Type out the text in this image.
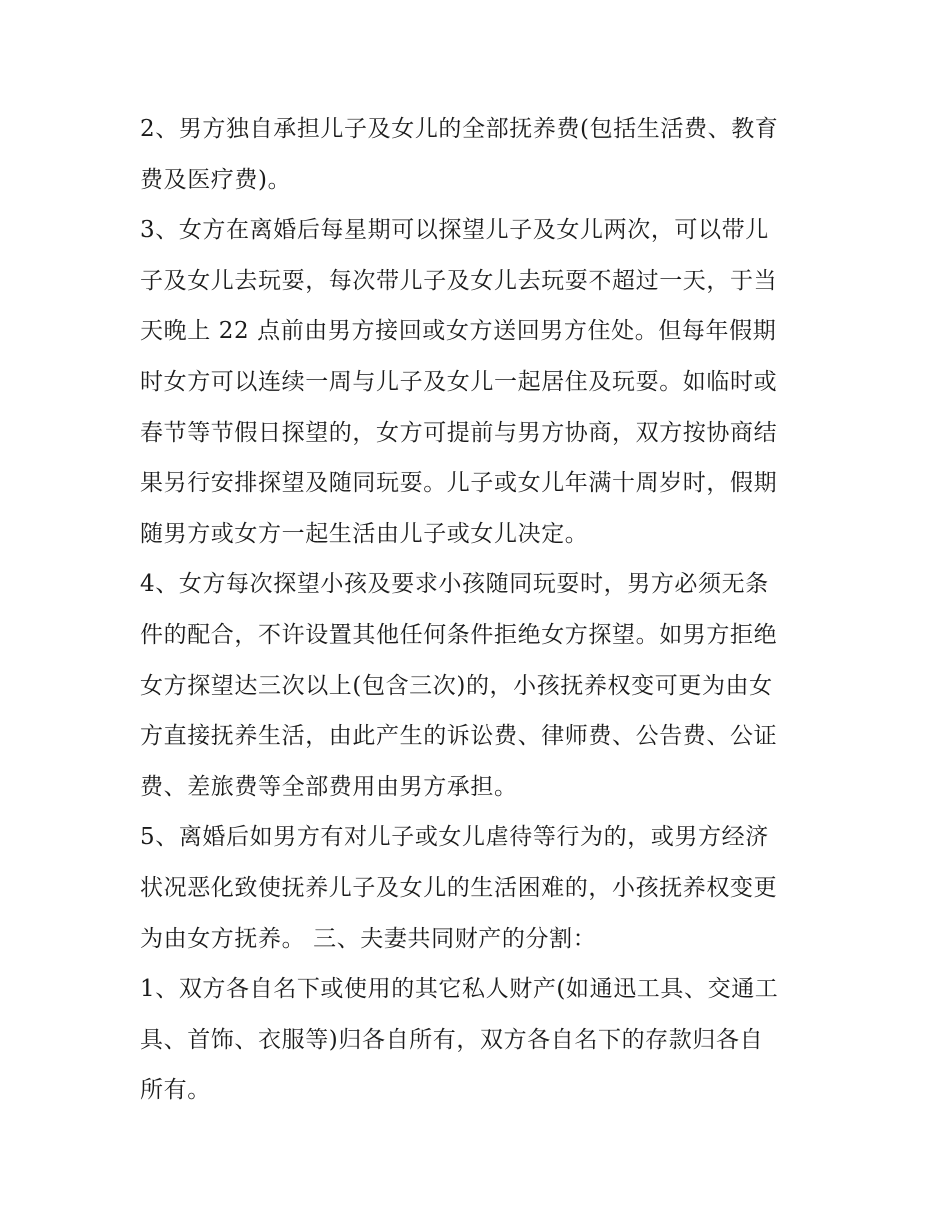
2、男方独自承担儿子及女儿的全部抚养费(包括生活费、教育
费及医疗费)。
3、女方在离婚后每星期可以探望儿子及女儿两次，可以带儿
子及女儿去玩耍，每次带儿子及女儿去玩耍不超过一天，于当
天晚上 22 点前由男方接回或女方送回男方住处。但每年假期
时女方可以连续一周与儿子及女儿一起居住及玩耍。如临时或
春节等节假日探望的，女方可提前与男方协商，双方按协商结
果另行安排探望及随同玩耍。儿子或女儿年满十周岁时，假期
随男方或女方一起生活由儿子或女儿决定。
4、女方每次探望小孩及要求小孩随同玩耍时，男方必须无条
件的配合，不许设置其他任何条件拒绝女方探望。如男方拒绝
女方探望达三次以上(包含三次)的，小孩抚养权变可更为由女
方直接抚养生活，由此产生的诉讼费、律师费、公告费、公证
费、差旅费等全部费用由男方承担。
5、离婚后如男方有对儿子或女儿虐待等行为的，或男方经济
状况恶化致使抚养儿子及女儿的生活困难的，小孩抚养权变更
为由女方抚养。 三、夫妻共同财产的分割：
1、双方各自名下或使用的其它私人财产(如通迅工具、交通工
具、首饰、衣服等)归各自所有，双方各自名下的存款归各自
所有。
